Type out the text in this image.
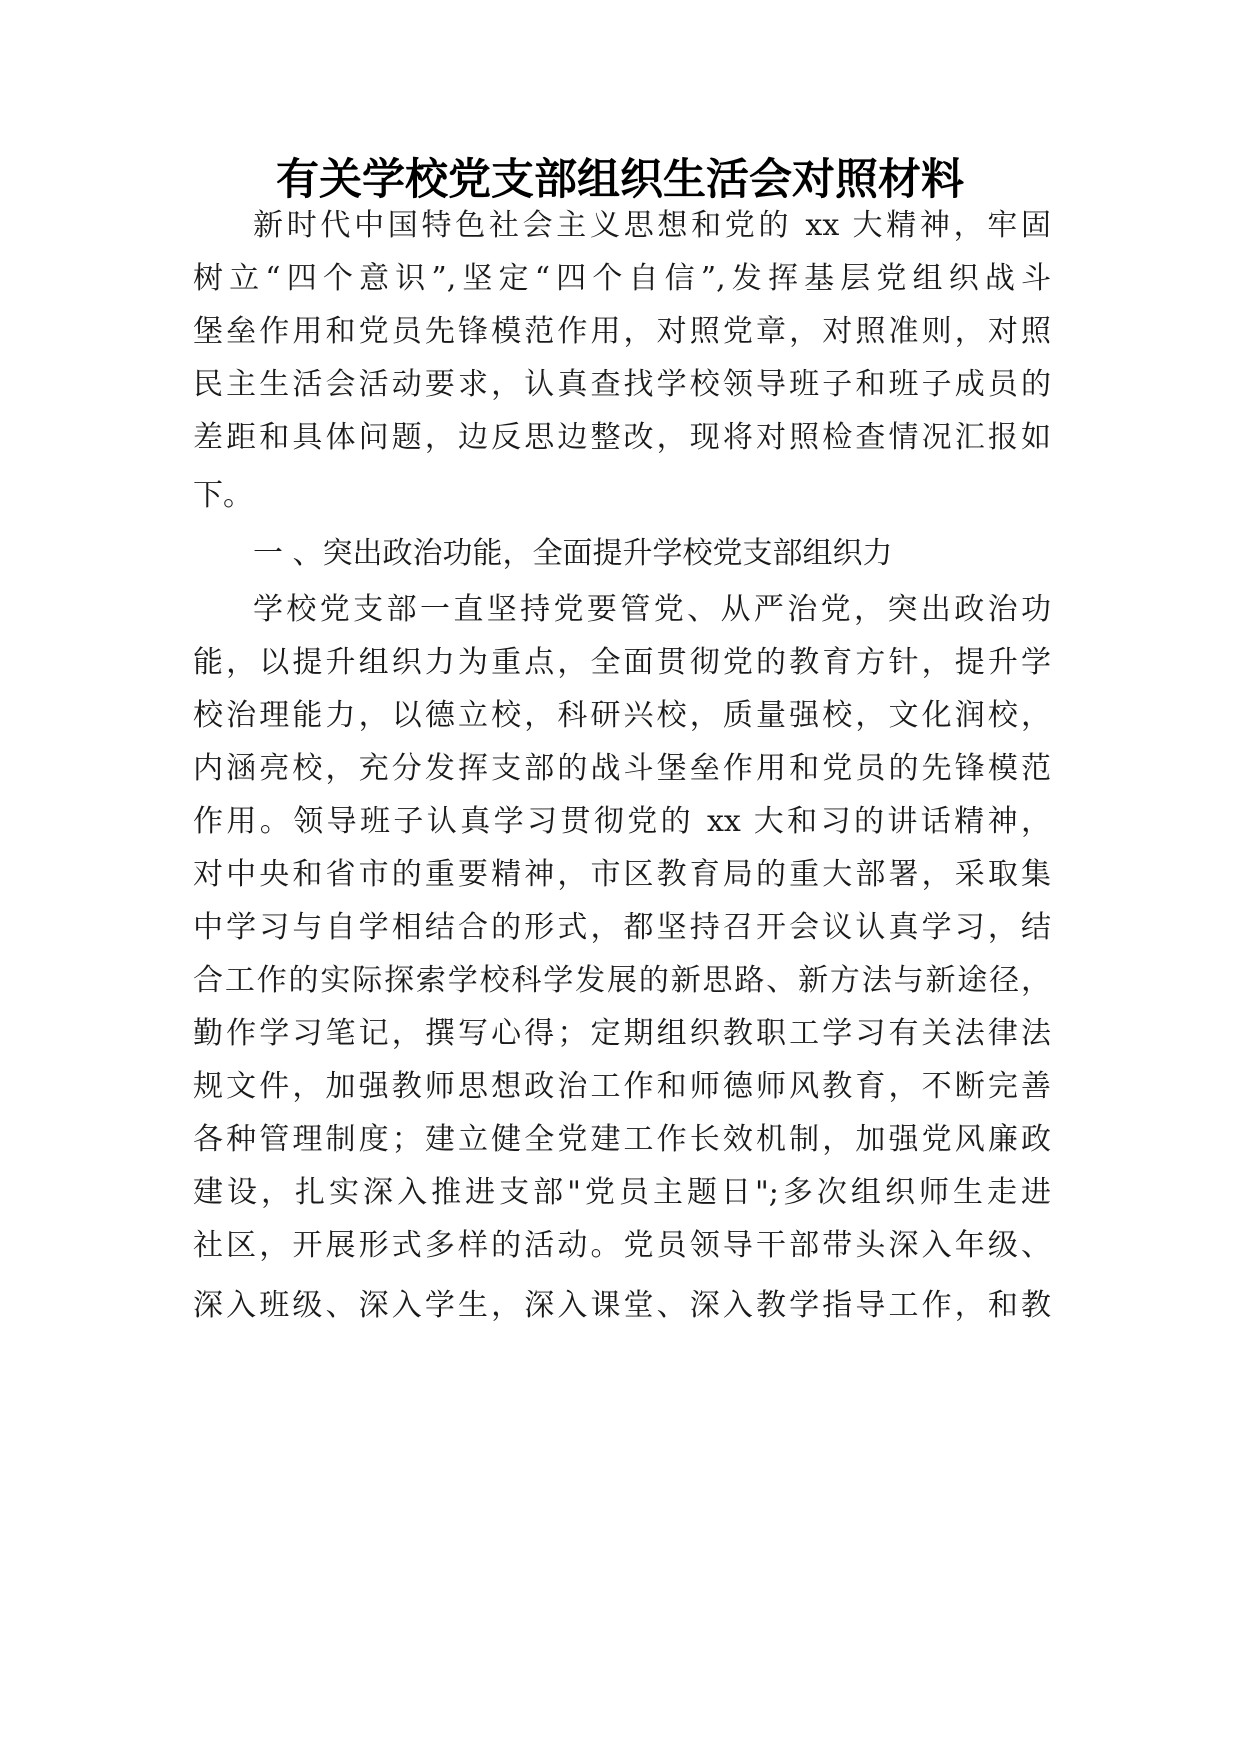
有关学校党支部组织生活会对照材料

新时代中国特色社会主义思想和党的 xx 大精神，牢固

树立“四个意识”,坚定“四个自信”,发挥基层党组织战斗

堡垒作用和党员先锋模范作用，对照党章，对照准则，对照

民主生活会活动要求，认真查找学校领导班子和班子成员的

差距和具体问题，边反思边整改，现将对照检查情况汇报如

下。

一 、突出政治功能，全面提升学校党支部组织力

学校党支部一直坚持党要管党、从严治党，突出政治功

能，以提升组织力为重点，全面贯彻党的教育方针，提升学

校治理能力，以德立校，科研兴校，质量强校，文化润校，

内涵亮校，充分发挥支部的战斗堡垒作用和党员的先锋模范

作用。领导班子认真学习贯彻党的 xx 大和习的讲话精神，

对中央和省市的重要精神，市区教育局的重大部署，采取集

中学习与自学相结合的形式，都坚持召开会议认真学习，结

合工作的实际探索学校科学发展的新思路、新方法与新途径，

勤作学习笔记，撰写心得；定期组织教职工学习有关法律法

规文件，加强教师思想政治工作和师德师风教育，不断完善

各种管理制度；建立健全党建工作长效机制，加强党风廉政

建设，扎实深入推进支部"党员主题日";多次组织师生走进

社区，开展形式多样的活动。党员领导干部带头深入年级、

深入班级、深入学生，深入课堂、深入教学指导工作，和教
